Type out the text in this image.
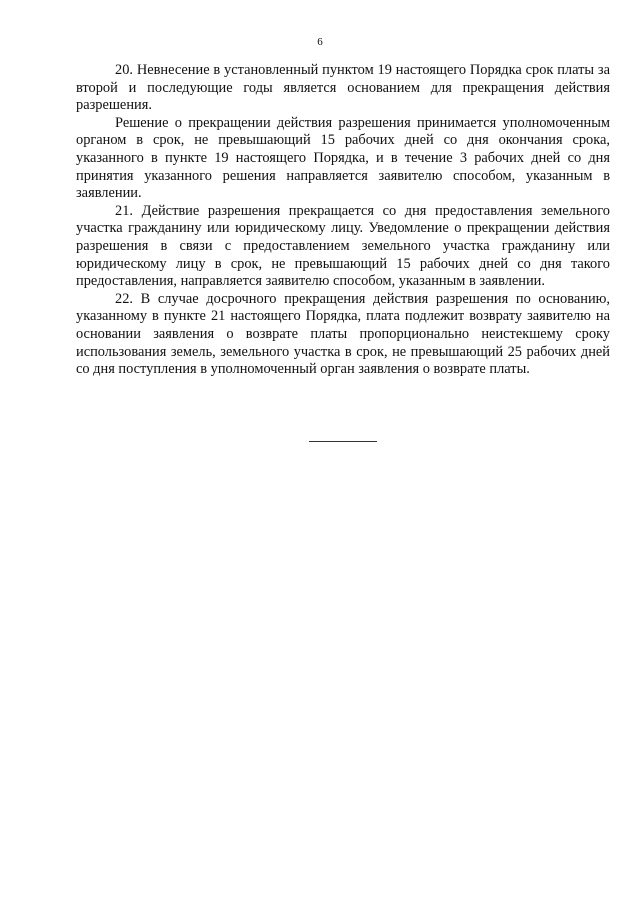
6

20. Невнесение в установленный пунктом 19 настоящего Порядка срок платы за второй и последующие годы является основанием для прекращения действия разрешения.

Решение о прекращении действия разрешения принимается уполномоченным органом в срок, не превышающий 15 рабочих дней со дня окончания срока, указанного в пункте 19 настоящего Порядка, и в течение 3 рабочих дней со дня принятия указанного решения направляется заявителю способом, указанным в заявлении.

21. Действие разрешения прекращается со дня предоставления земельного участка гражданину или юридическому лицу. Уведомление о прекращении действия разрешения в связи с предоставлением земельного участка гражданину или юридическому лицу в срок, не превышающий 15 рабочих дней со дня такого предоставления, направляется заявителю способом, указанным в заявлении.

22. В случае досрочного прекращения действия разрешения по основанию, указанному в пункте 21 настоящего Порядка, плата подлежит возврату заявителю на основании заявления о возврате платы пропорционально неистекшему сроку использования земель, земельного участка в срок, не превышающий 25 рабочих дней со дня поступления в уполномоченный орган заявления о возврате платы.
